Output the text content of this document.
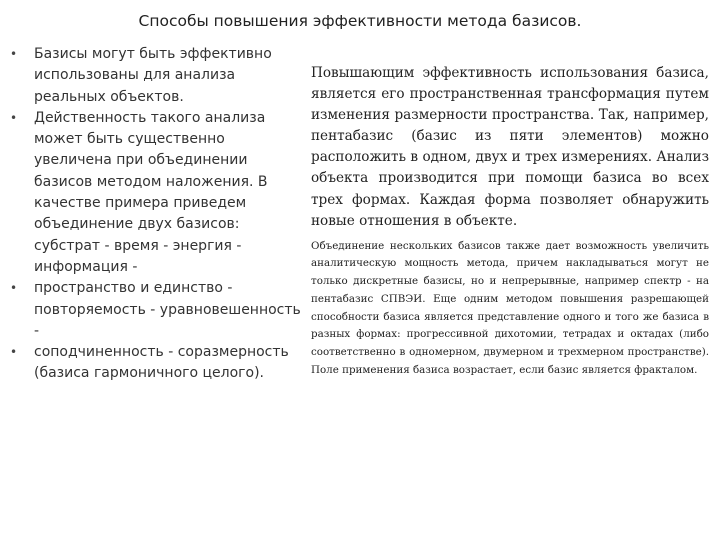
Способы повышения эффективности метода базисов.
• Базисы могут быть эффективно использованы для анализа реальных объектов.
• Действенность такого анализа может быть существенно увеличена при объединении базисов методом наложения. В качестве примера приведем объединение двух базисов: субстрат - время - энергия - информация -
• пространство и единство - повторяемость - уравновешенность -
• соподчиненность - соразмерность (базиса гармоничного целого).

Повышающим эффективность использования базиса, является его пространственная трансформация путем изменения размерности пространства. Так, например, пентабазис (базис из пяти элементов) можно расположить в одном, двух и трех измерениях. Анализ объекта производится при помощи базиса во всех трех формах. Каждая форма позволяет обнаружить новые отношения в объекте.

Объединение нескольких базисов также дает возможность увеличить аналитическую мощность метода, причем накладываться могут не только дискретные базисы, но и непрерывные, например спектр - на пентабазис СПВЭИ. Еще одним методом повышения разрешающей способности базиса является представление одного и того же базиса в разных формах: прогрессивной дихотомии, тетрадах и октадах (либо соответственно в одномерном, двумерном и трехмерном пространстве). Поле применения базиса возрастает, если базис является фракталом.
